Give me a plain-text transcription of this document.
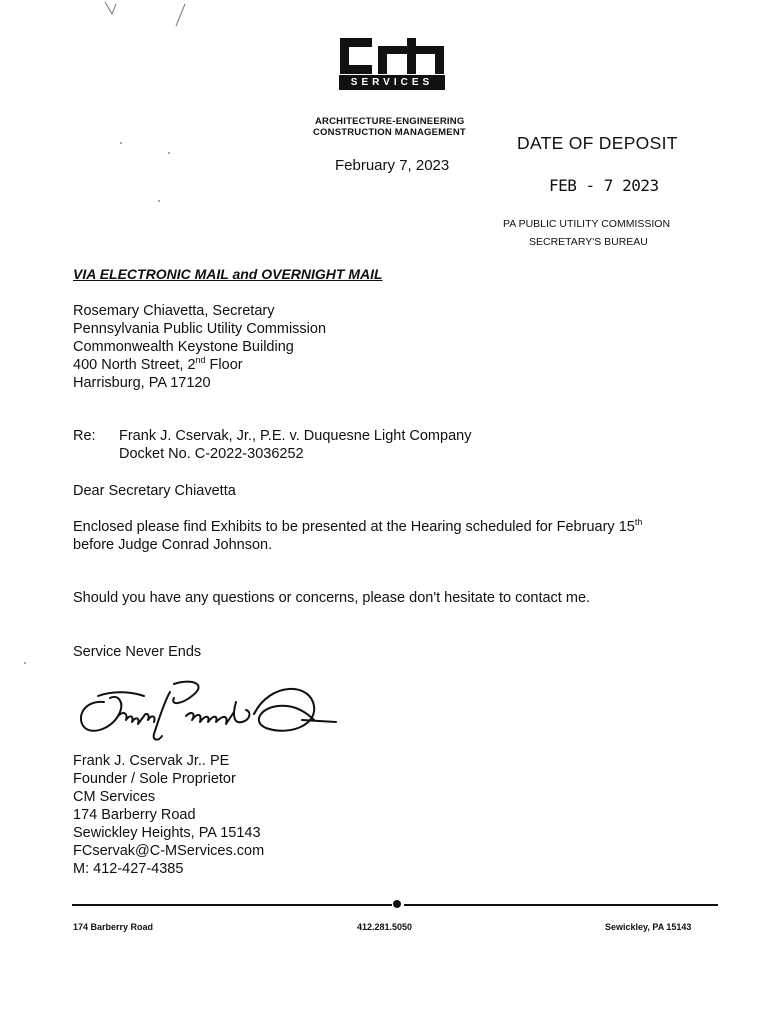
SERVICES
ARCHITECTURE-ENGINEERING
CONSTRUCTION MANAGEMENT
February 7, 2023
DATE OF DEPOSIT
FEB - 7 2023
PA PUBLIC UTILITY COMMISSION
SECRETARY'S BUREAU
VIA ELECTRONIC MAIL and OVERNIGHT MAIL
Rosemary Chiavetta, Secretary
Pennsylvania Public Utility Commission
Commonwealth Keystone Building
400 North Street, 2nd Floor
Harrisburg, PA 17120
Re: Frank J. Cservak, Jr., P.E. v. Duquesne Light Company
Docket No. C-2022-3036252
Dear Secretary Chiavetta
Enclosed please find Exhibits to be presented at the Hearing scheduled for February 15th
before Judge Conrad Johnson.
Should you have any questions or concerns, please don't hesitate to contact me.
Service Never Ends
Frank J. Cservak Jr.. PE
Founder / Sole Proprietor
CM Services
174 Barberry Road
Sewickley Heights, PA 15143
FCservak@C-MServices.com
M: 412-427-4385
174 Barberry Road	412.281.5050	Sewickley, PA 15143
